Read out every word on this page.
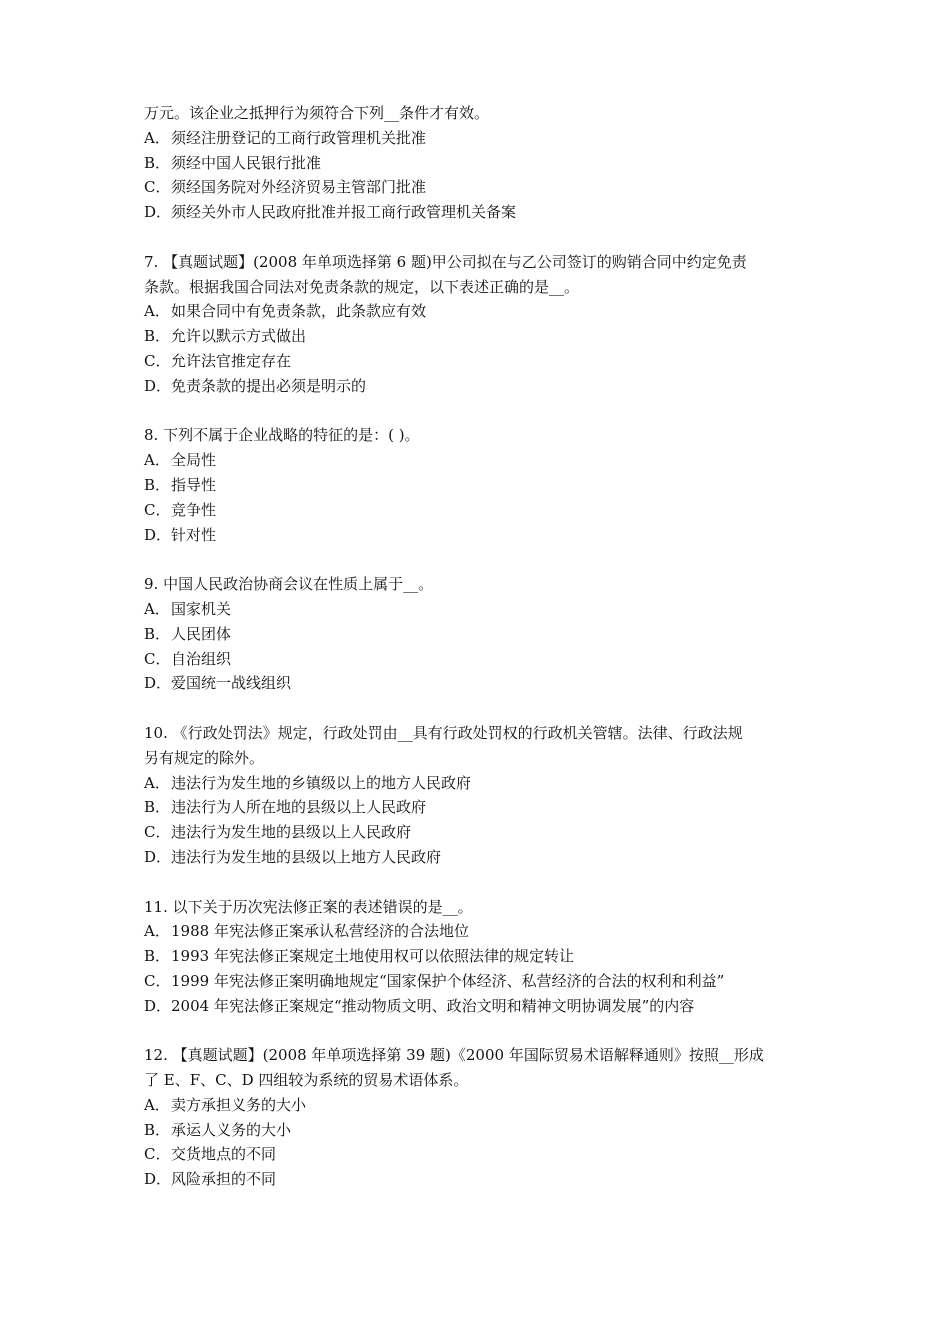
万元。该企业之抵押行为须符合下列__条件才有效。
A．须经注册登记的工商行政管理机关批准
B．须经中国人民银行批准
C．须经国务院对外经济贸易主管部门批准
D．须经关外市人民政府批准并报工商行政管理机关备案
7. 【真题试题】(2008 年单项选择第 6 题)甲公司拟在与乙公司签订的购销合同中约定免责
条款。根据我国合同法对免责条款的规定，以下表述正确的是__。
A．如果合同中有免责条款，此条款应有效
B．允许以默示方式做出
C．允许法官推定存在
D．免责条款的提出必须是明示的
8. 下列不属于企业战略的特征的是：( )。
A．全局性
B．指导性
C．竞争性
D．针对性
9. 中国人民政治协商会议在性质上属于__。
A．国家机关
B．人民团体
C．自治组织
D．爱国统一战线组织
10. 《行政处罚法》规定，行政处罚由__具有行政处罚权的行政机关管辖。法律、行政法规
另有规定的除外。
A．违法行为发生地的乡镇级以上的地方人民政府
B．违法行为人所在地的县级以上人民政府
C．违法行为发生地的县级以上人民政府
D．违法行为发生地的县级以上地方人民政府
11. 以下关于历次宪法修正案的表述错误的是__。
A．1988 年宪法修正案承认私营经济的合法地位
B．1993 年宪法修正案规定土地使用权可以依照法律的规定转让
C．1999 年宪法修正案明确地规定“国家保护个体经济、私营经济的合法的权利和利益”
D．2004 年宪法修正案规定“推动物质文明、政治文明和精神文明协调发展”的内容
12. 【真题试题】(2008 年单项选择第 39 题)《2000 年国际贸易术语解释通则》按照__形成
了 E、F、C、D 四组较为系统的贸易术语体系。
A．卖方承担义务的大小
B．承运人义务的大小
C．交货地点的不同
D．风险承担的不同
